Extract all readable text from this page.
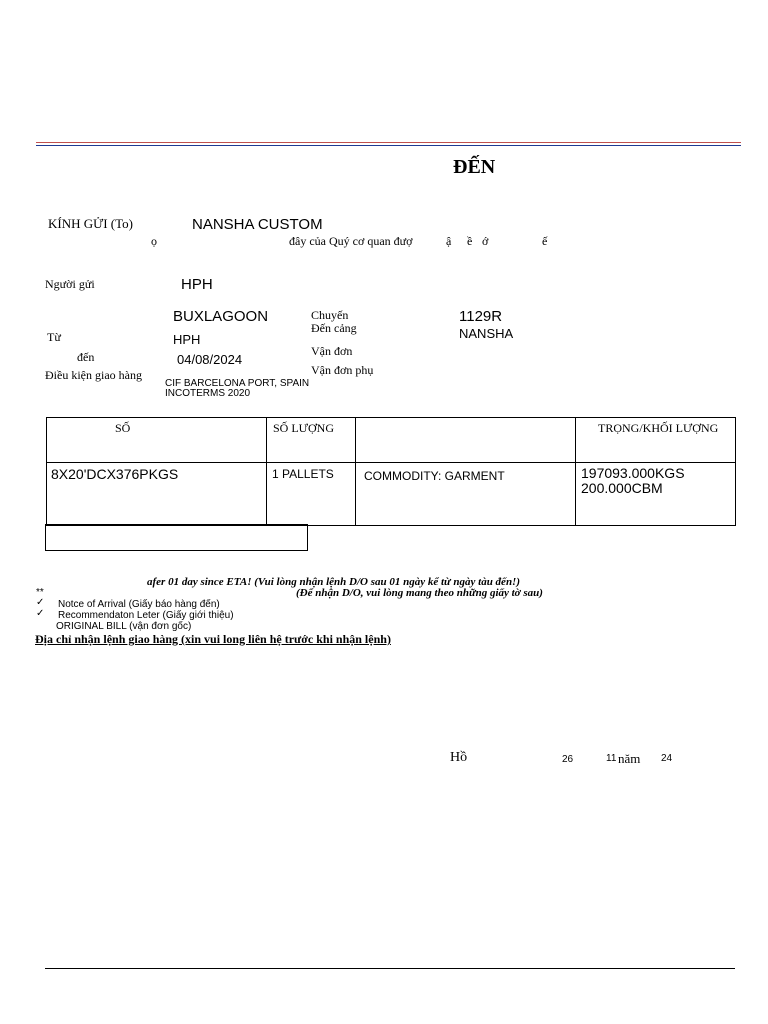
ĐẾN
KÍNH GỬI (To)	NANSHA CUSTOM
ọ	đây của Quý cơ quan đượ	ậ ề ớ	ế
Người gửi	HPH
BUXLAGOON	Chuyến	1129R
Đến cảng	NANSHA
Từ	HPH
đến	04/08/2024
Vận đơn
Vận đơn phụ
Điều kiện giao hàng
CIF BARCELONA PORT, SPAIN
INCOTERMS 2020
SỐ	SỐ LƯỢNG		TRỌNG/KHỐI LƯỢNG
8X20'DCX376PKGS	1 PALLETS	COMMODITY: GARMENT	197093.000KGS
200.000CBM
afer 01 day since ETA! (Vui lòng nhận lệnh D/O sau 01 ngày kể từ ngày tàu đến!)
(Để nhận D/O, vui lòng mang theo những giấy tờ sau)
**
✓ Notce of Arrival (Giấy báo hàng đến)
✓ Recommendaton Leter (Giấy giới thiệu)
ORIGINAL BILL (vận đơn gốc)
Địa chỉ nhận lệnh giao hàng (xin vui long liên hệ trước khi nhận lệnh)
Hồ	26	11 năm 24
